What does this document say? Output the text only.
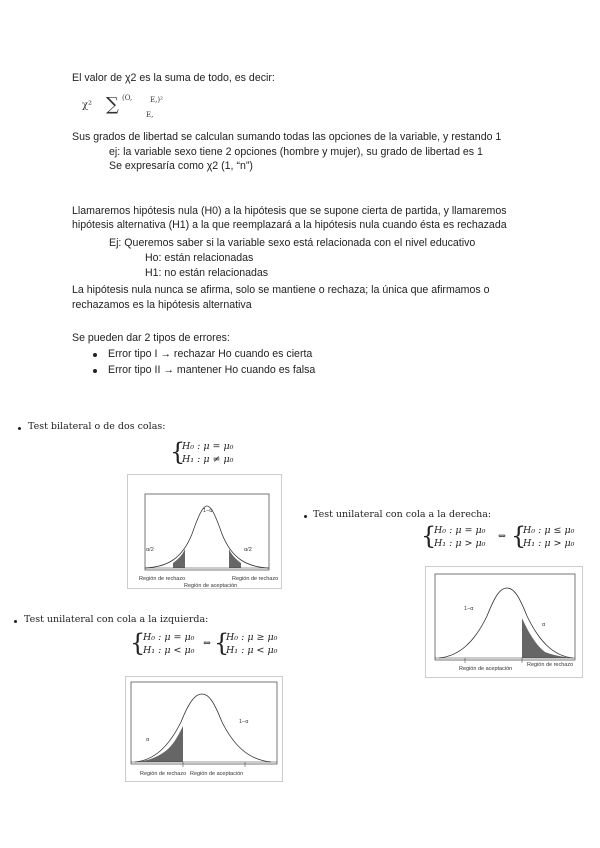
El valor de χ2 es la suma de todo, es decir:
χ² ∑ (O,	E,)²
E,
Sus grados de libertad se calculan sumando todas las opciones de la variable, y restando 1
ej: la variable sexo tiene 2 opciones (hombre y mujer), su grado de libertad es 1
Se expresaría como χ2 (1, “n”)
Llamaremos hipótesis nula (H0) a la hipótesis que se supone cierta de partida, y llamaremos
hipótesis alternativa (H1) a la que reemplazará a la hipótesis nula cuando ésta es rechazada
Ej: Queremos saber si la variable sexo está relacionada con el nivel educativo
Ho: están relacionadas
H1: no están relacionadas
La hipótesis nula nunca se afirma, solo se mantiene o rechaza; la única que afirmamos o
rechazamos es la hipótesis alternativa
Se pueden dar 2 tipos de errores:
Error tipo I → rechazar Ho cuando es cierta
Error tipo II → mantener Ho cuando es falsa
Test bilateral o de dos colas:
{
H₀ : μ = μ₀
H₁ : μ ≠ μ₀
α/2
1−α
α/2
Región de rechazo
Región de aceptación
Región de rechazo
Test unilateral con cola a la derecha:
{
H₀ : μ = μ₀
H₁ : μ > μ₀
⇔ {
H₀ : μ ≤ μ₀
H₁ : μ > μ₀
1−α
α
Región de aceptación
Región de rechazo
Test unilateral con cola a la izquierda:
{
H₀ : μ = μ₀
H₁ : μ < μ₀
⇔ {
H₀ : μ ≥ μ₀
H₁ : μ < μ₀
α
1−α
Región de rechazo Región de aceptación
